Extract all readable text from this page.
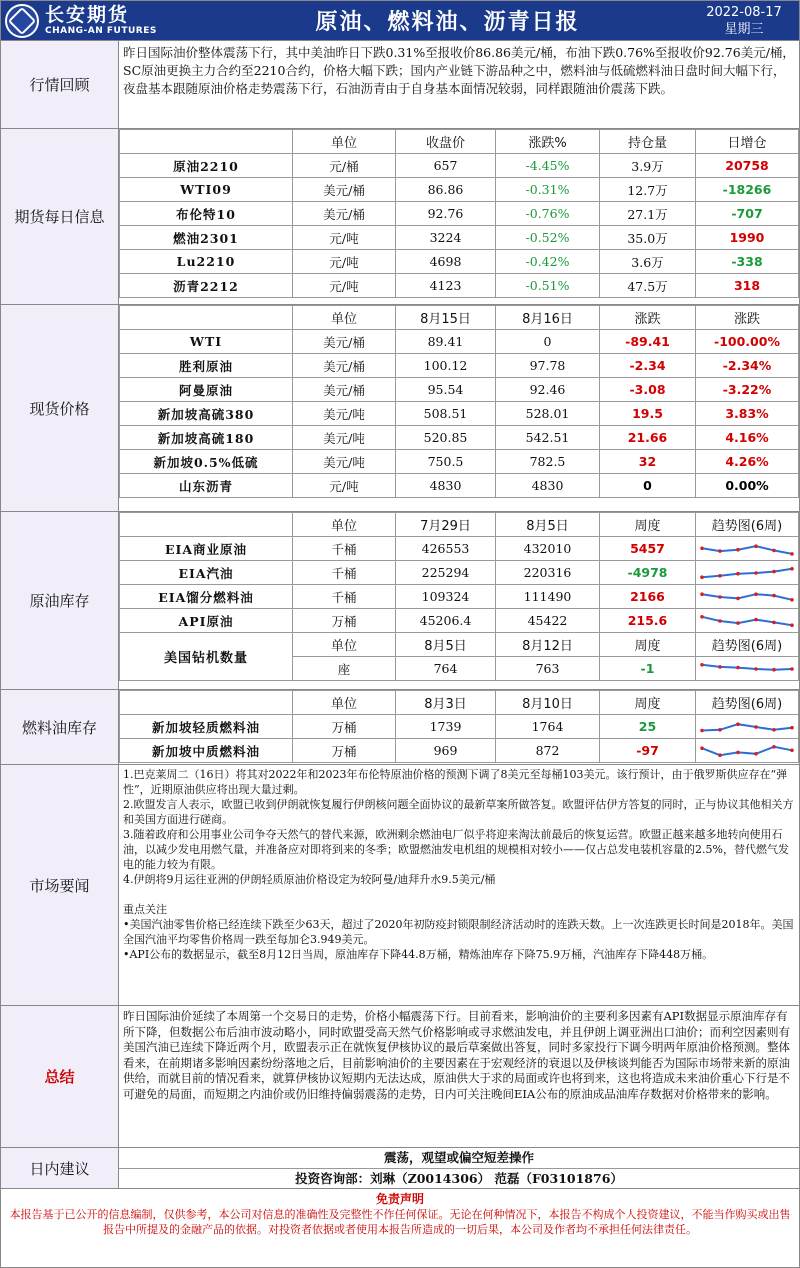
长安期货
CHANG-AN FUTURES	原油、燃料油、沥青日报	2022-08-17
星期三
行情回顾
昨日国际油价整体震荡下行，其中美油昨日下跌0.31%至报收价86.86美元/桶，布油下跌0.76%至报收价92.76美元/桶，SC原油更换主力合约至2210合约，价格大幅下跌；国内产业链下游品种之中，燃料油与低硫燃料油日盘时间大幅下行，夜盘基本跟随原油价格走势震荡下行，石油沥青由于自身基本面情况较弱，同样跟随油价震荡下跌。
期货每日信息
	单位	收盘价	涨跌%	持仓量	日增仓
原油2210	元/桶	657	-4.45%	3.9万	20758
WTI09	美元/桶	86.86	-0.31%	12.7万	-18266
布伦特10	美元/桶	92.76	-0.76%	27.1万	-707
燃油2301	元/吨	3224	-0.52%	35.0万	1990
Lu2210	元/吨	4698	-0.42%	3.6万	-338
沥青2212	元/吨	4123	-0.51%	47.5万	318
现货价格
	单位	8月15日	8月16日	涨跌	涨跌
WTI	美元/桶	89.41	0	-89.41	-100.00%
胜利原油	美元/桶	100.12	97.78	-2.34	-2.34%
阿曼原油	美元/桶	95.54	92.46	-3.08	-3.22%
新加坡高硫380	美元/吨	508.51	528.01	19.5	3.83%
新加坡高硫180	美元/吨	520.85	542.51	21.66	4.16%
新加坡0.5%低硫	美元/吨	750.5	782.5	32	4.26%
山东沥青	元/吨	4830	4830	0	0.00%
原油库存
	单位	7月29日	8月5日	周度	趋势图(6周)
EIA商业原油	千桶	426553	432010	5457	

EIA汽油	千桶	225294	220316	-4978	

EIA馏分燃料油	千桶	109324	111490	2166	

API原油	万桶	45206.4	45422	215.6	

美国钻机数量	单位	8月5日	8月12日	周度	趋势图(6周)
	座	764	763	-1	
燃料油库存
	单位	8月3日	8月10日	周度	趋势图(6周)
新加坡轻质燃料油	万桶	1739	1764	25	

新加坡中质燃料油	万桶	969	872	-97	
市场要闻
1.巴克莱周二（16日）将其对2022年和2023年布伦特原油价格的预测下调了8美元至每桶103美元。该行预计，由于俄罗斯供应存在“弹性”，近期原油供应将出现大量过剩。
2.欧盟发言人表示，欧盟已收到伊朗就恢复履行伊朗核问题全面协议的最新草案所做答复。欧盟评估伊方答复的同时，正与协议其他相关方和美国方面进行磋商。
3.随着政府和公用事业公司争夺天然气的替代来源，欧洲剩余燃油电厂似乎将迎来淘汰前最后的恢复运营。欧盟正越来越多地转向使用石油，以减少发电用燃气量，并准备应对即将到来的冬季；欧盟燃油发电机组的规模相对较小——仅占总发电装机容量的2.5%，替代燃气发电的能力较为有限。
4.伊朗将9月运往亚洲的伊朗轻质原油价格设定为较阿曼/迪拜升水9.5美元/桶
重点关注
•美国汽油零售价格已经连续下跌至少63天，超过了2020年初防疫封锁限制经济活动时的连跌天数。上一次连跌更长时间是2018年。美国全国汽油平均零售价格周一跌至每加仑3.949美元。
•API公布的数据显示，截至8月12日当周，原油库存下降44.8万桶，精炼油库存下降75.9万桶，汽油库存下降448万桶。
总结
昨日国际油价延续了本周第一个交易日的走势，价格小幅震荡下行。目前看来，影响油价的主要利多因素有API数据显示原油库存有所下降，但数据公布后油市波动略小，同时欧盟受高天然气价格影响或寻求燃油发电，并且伊朗上调亚洲出口油价；而利空因素则有美国汽油已连续下降近两个月，欧盟表示正在就恢复伊核协议的最后草案做出答复，同时多家投行下调今明两年原油价格预测。整体看来，在前期诸多影响因素纷纷落地之后，目前影响油价的主要因素在于宏观经济的衰退以及伊核谈判能否为国际市场带来新的原油供给，而就目前的情况看来，就算伊核协议短期内无法达成，原油供大于求的局面或许也将到来，这也将造成未来油价重心下行是不可避免的局面，而短期之内油价或仍旧维持偏弱震荡的走势，日内可关注晚间EIA公布的原油成品油库存数据对价格带来的影响。
日内建议
震荡，观望或偏空短差操作
投资咨询部：刘琳（Z0014306） 范磊（F03101876）
免责声明
本报告基于已公开的信息编制，仅供参考，本公司对信息的准确性及完整性不作任何保证。无论在何种情况下，本报告不构成个人投资建议，不能当作购买或出售报告中所提及的金融产品的依据。对投资者依据或者使用本报告所造成的一切后果，本公司及作者均不承担任何法律责任。
